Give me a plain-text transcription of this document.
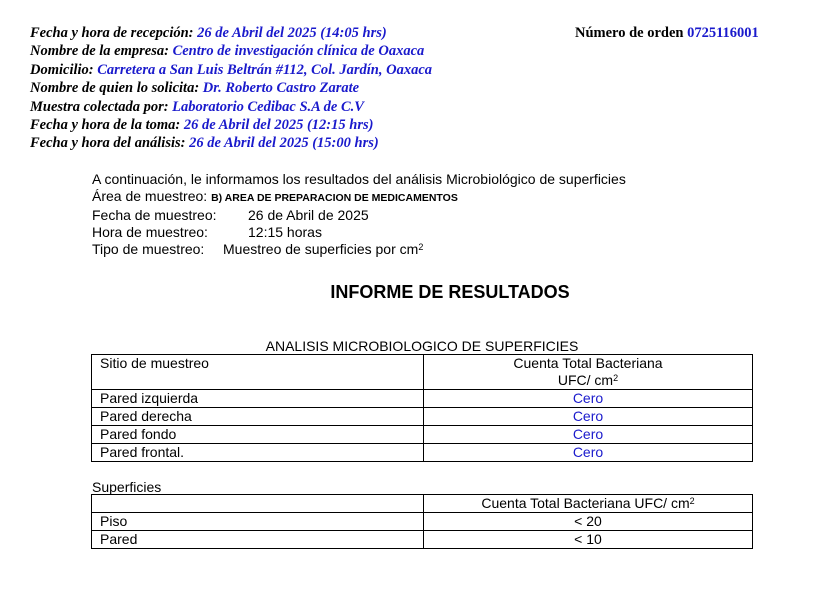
Fecha y hora de recepción: 26 de Abril del 2025 (14:05 hrs)
Nombre de la empresa: Centro de investigación clínica de Oaxaca
Domicilio: Carretera a San Luis Beltrán #112, Col. Jardín, Oaxaca
Nombre de quien lo solicita: Dr. Roberto Castro Zarate
Muestra colectada por: Laboratorio Cedibac S.A de C.V
Fecha y hora de la toma: 26 de Abril del 2025 (12:15 hrs)
Fecha y hora del análisis: 26 de Abril del 2025 (15:00 hrs)
Número de orden 0725116001
A continuación, le informamos los resultados del análisis Microbiológico de superficies
Área de muestreo: B) AREA DE PREPARACION DE MEDICAMENTOS
Fecha de muestreo: 26 de Abril de 2025
Hora de muestreo:	12:15 horas
Tipo de muestreo: Muestreo de superficies por $cm^2$
INFORME DE RESULTADOS
ANALISIS MICROBIOLOGICO DE SUPERFICIES
Sitio de muestreo	Cuenta Total Bacteriana
UFC/ $cm^2$

Pared izquierda	Cero
Pared derecha	Cero
Pared fondo	Cero
Pared frontal.	Cero
Superficies
	Cuenta Total Bacteriana UFC/ $cm^2$
Piso	< 20
Pared	< 10
